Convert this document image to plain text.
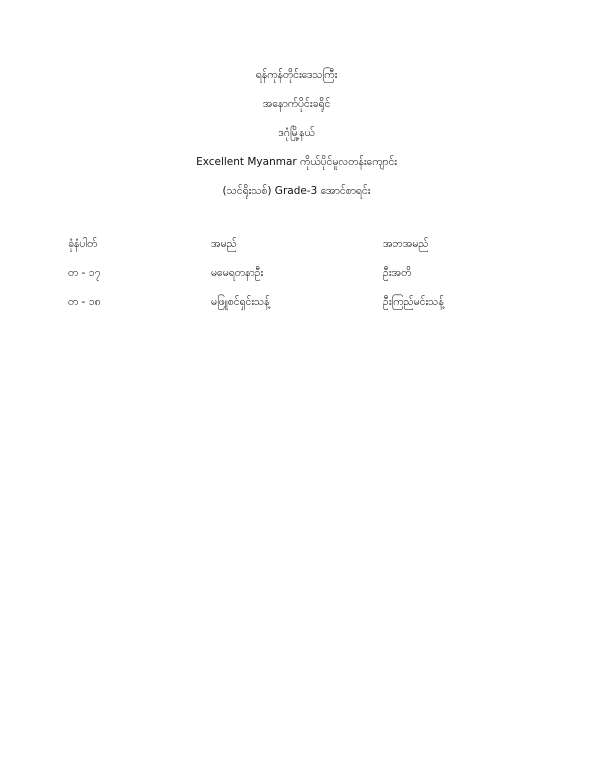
ရန်ကုန်တိုင်းဒေသကြီး
အနောက်ပိုင်းခရိုင်
ဒဂုံမြို့နယ်
Excellent Myanmar ကိုယ်ပိုင်မူလတန်းကျောင်း
(သင်ရိုးသစ်) Grade-3 အောင်စာရင်း
ခုံနံပါတ်	အမည်	အဘအမည်
တ - ၁၇	မမေရတနာဦး	ဦးအတိ
တ - ၁၈	မဖြူစင်ရှင်းသန့်	ဦးကြည်မင်းသန့်
